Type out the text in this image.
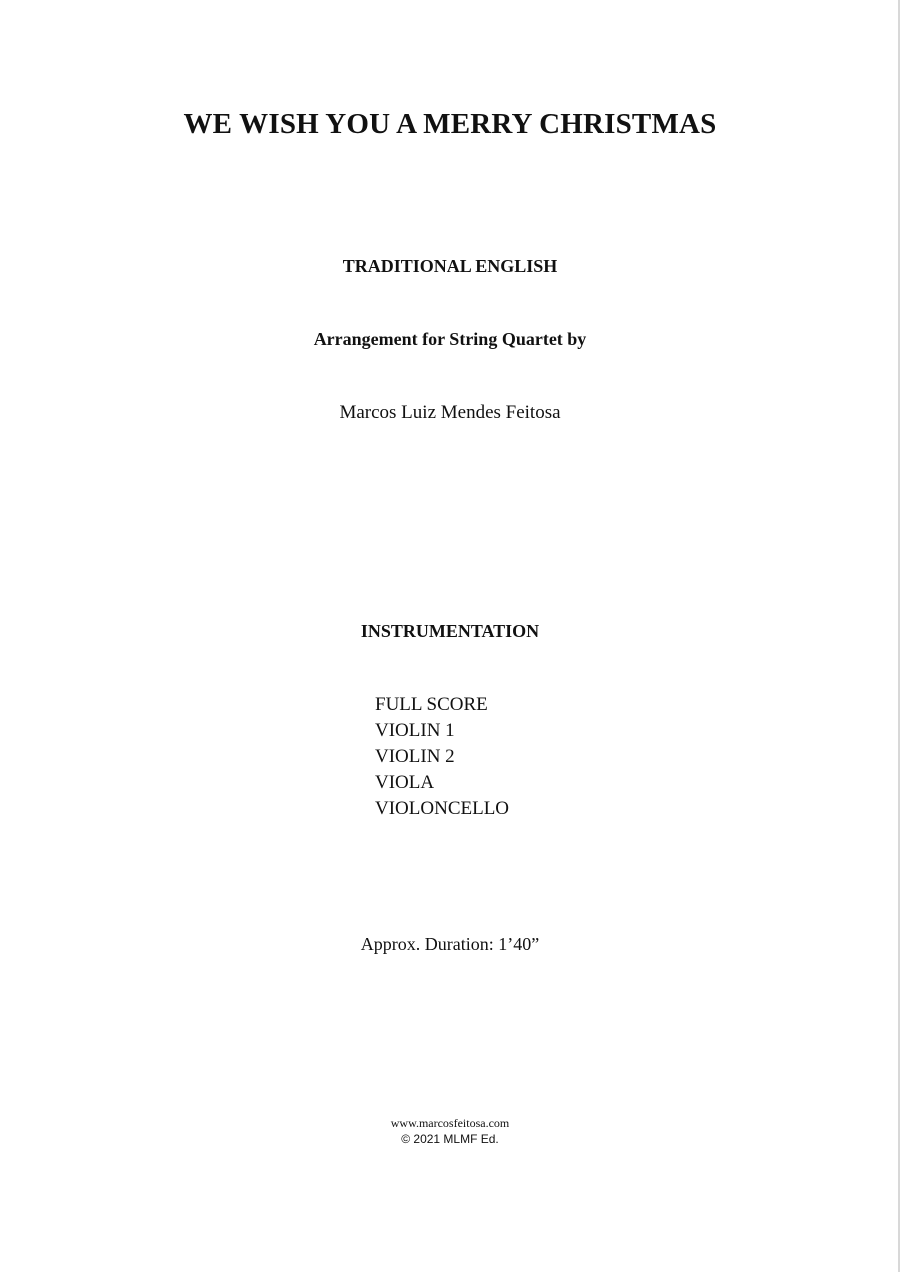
WE WISH YOU A MERRY CHRISTMAS
TRADITIONAL ENGLISH
Arrangement for String Quartet by
Marcos Luiz Mendes Feitosa
INSTRUMENTATION
FULL SCORE
VIOLIN 1
VIOLIN 2
VIOLA
VIOLONCELLO
Approx. Duration: 1’40”
www.marcosfeitosa.com
© 2021 MLMF Ed.
